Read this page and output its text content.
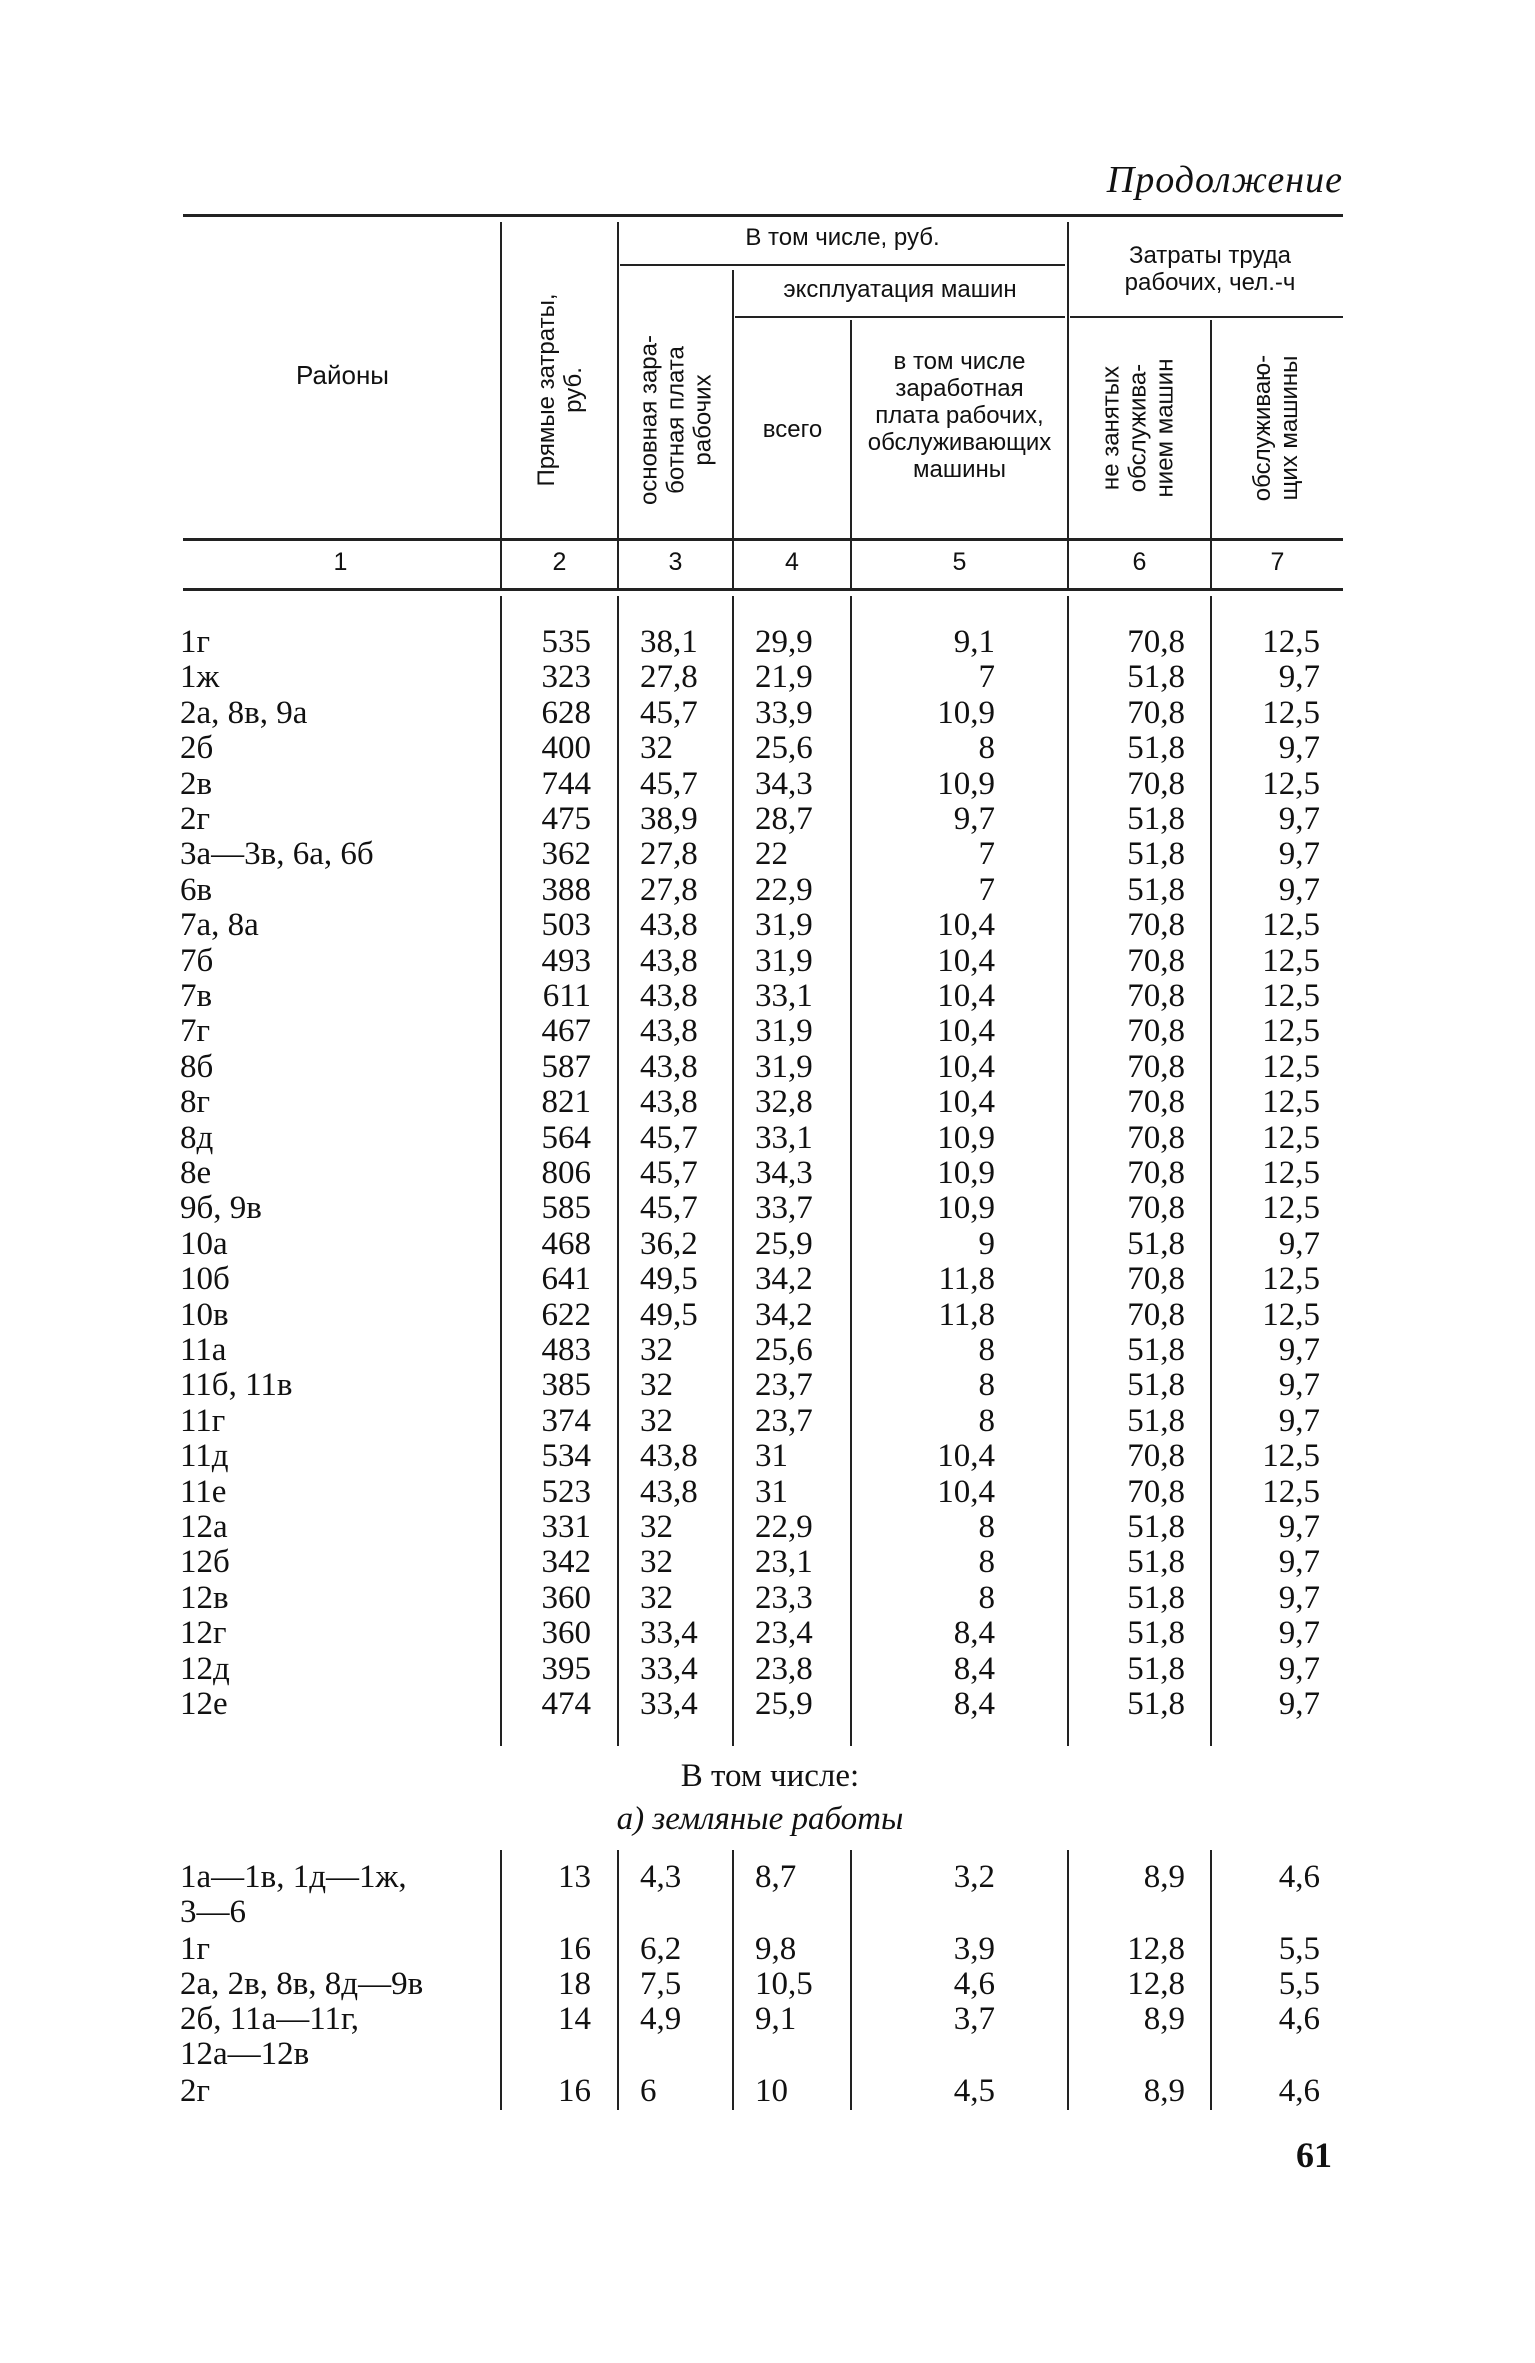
Продолжение
Районы
Прямые затраты,
руб.
В том числе, руб.
основная зара-
ботная плата
рабочих
эксплуатация машин
всего
в том числе заработная плата рабочих, обслуживающих машины
Затраты труда рабочих, чел.-ч
не занятых
обслужива-
нием машин	обслуживаю-
щих машины
1	2	3	4	5	6	7
1г	535 38,1	29,9	9,1	70,8	12,5
1ж	323 27,8	21,9	7	51,8	9,7
2а, 8в, 9а	628 45,7	33,9	10,9	70,8	12,5
2б	400 32	25,6	8	51,8	9,7
2в	744 45,7	34,3	10,9	70,8	12,5
2г	475 38,9	28,7	9,7	51,8	9,7
3а—3в, 6а, 6б	362 27,8	22	7	51,8	9,7
6в	388 27,8	22,9	7	51,8	9,7
7а, 8а	503 43,8	31,9	10,4	70,8	12,5
7б	493 43,8	31,9	10,4	70,8	12,5
7в	611 43,8	33,1	10,4	70,8	12,5
7г	467 43,8	31,9	10,4	70,8	12,5
8б	587 43,8	31,9	10,4	70,8	12,5
8г	821 43,8	32,8	10,4	70,8	12,5
8д	564 45,7	33,1	10,9	70,8	12,5
8е	806 45,7	34,3	10,9	70,8	12,5
9б, 9в	585 45,7	33,7	10,9	70,8	12,5
10а	468 36,2	25,9	9	51,8	9,7
10б	641 49,5	34,2	11,8	70,8	12,5
10в	622 49,5	34,2	11,8	70,8	12,5
11а	483 32	25,6	8	51,8	9,7
11б, 11в	385 32	23,7	8	51,8	9,7
11г	374 32	23,7	8	51,8	9,7
11д	534 43,8	31	10,4	70,8	12,5
11е	523 43,8	31	10,4	70,8	12,5
12а	331 32	22,9	8	51,8	9,7
12б	342 32	23,1	8	51,8	9,7
12в	360 32	23,3	8	51,8	9,7
12г	360 33,4	23,4	8,4	51,8	9,7
12д	395 33,4	23,8	8,4	51,8	9,7
12е	474 33,4	25,9	8,4	51,8	9,7
В том числе:
а) земляные работы
1а—1в, 1д—1ж,
3—6
13 4,3	8,7	3,2	8,9	4,6
1г	16 6,2	9,8	3,9	12,8	5,5
2а, 2в, 8в, 8д—9в	18 7,5	10,5	4,6	12,8	5,5
2б, 11а—11г,
12а—12в
14 4,9	9,1	3,7	8,9	4,6
2г	16 6	10	4,5	8,9	4,6
61
